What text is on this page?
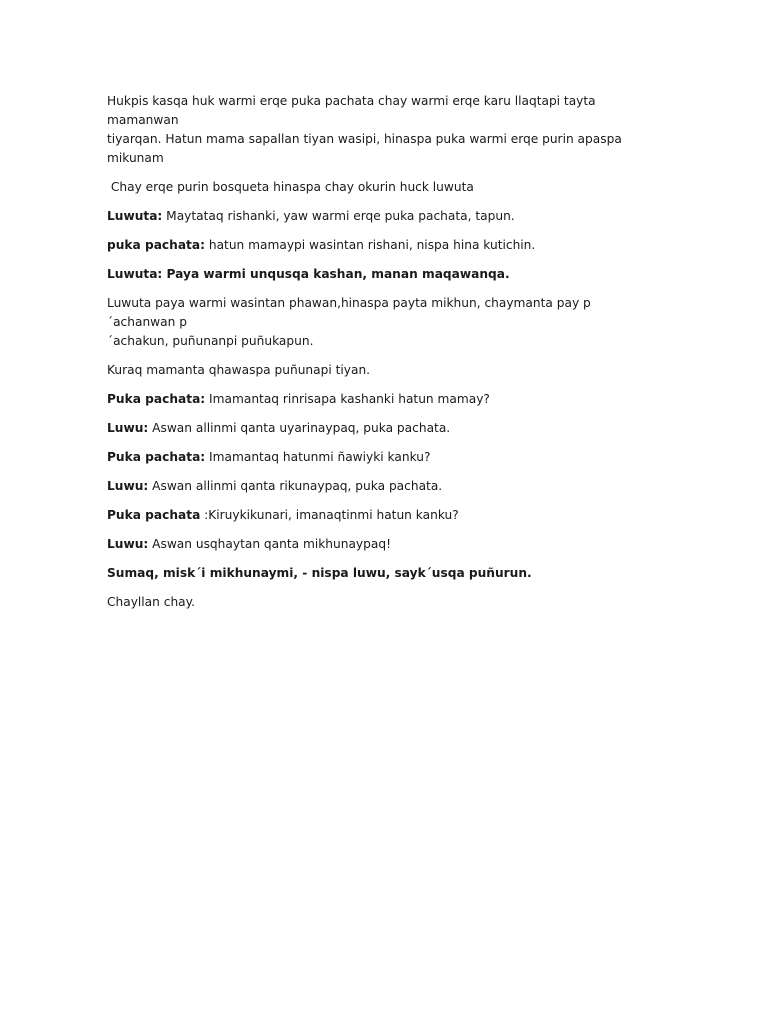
Hukpis kasqa huk warmi erqe puka pachata chay warmi erqe karu llaqtapi tayta mamanwan
tiyarqan. Hatun mama sapallan tiyan wasipi, hinaspa puka warmi erqe purin apaspa mikunam

Chay erqe purin bosqueta hinaspa chay okurin huck luwuta

Luwuta: Maytataq rishanki, yaw warmi erqe puka pachata, tapun.

puka pachata: hatun mamaypi wasintan rishani, nispa hina kutichin.

Luwuta: Paya warmi unqusqa kashan, manan maqawanqa.

Luwuta paya warmi wasintan phawan,hinaspa payta mikhun, chaymanta pay p´achanwan p
´achakun, puñunanpi puñukapun.

Kuraq mamanta qhawaspa puñunapi tiyan.

Puka pachata: Imamantaq rinrisapa kashanki hatun mamay?

Luwu: Aswan allinmi qanta uyarinaypaq, puka pachata.

Puka pachata: Imamantaq hatunmi ñawiyki kanku?

Luwu: Aswan allinmi qanta rikunaypaq, puka pachata.

Puka pachata :Kiruykikunari, imanaqtinmi hatun kanku?

Luwu: Aswan usqhaytan qanta mikhunaypaq!

Sumaq, misk´i mikhunaymi, - nispa luwu, sayk´usqa puñurun.

Chayllan chay.
